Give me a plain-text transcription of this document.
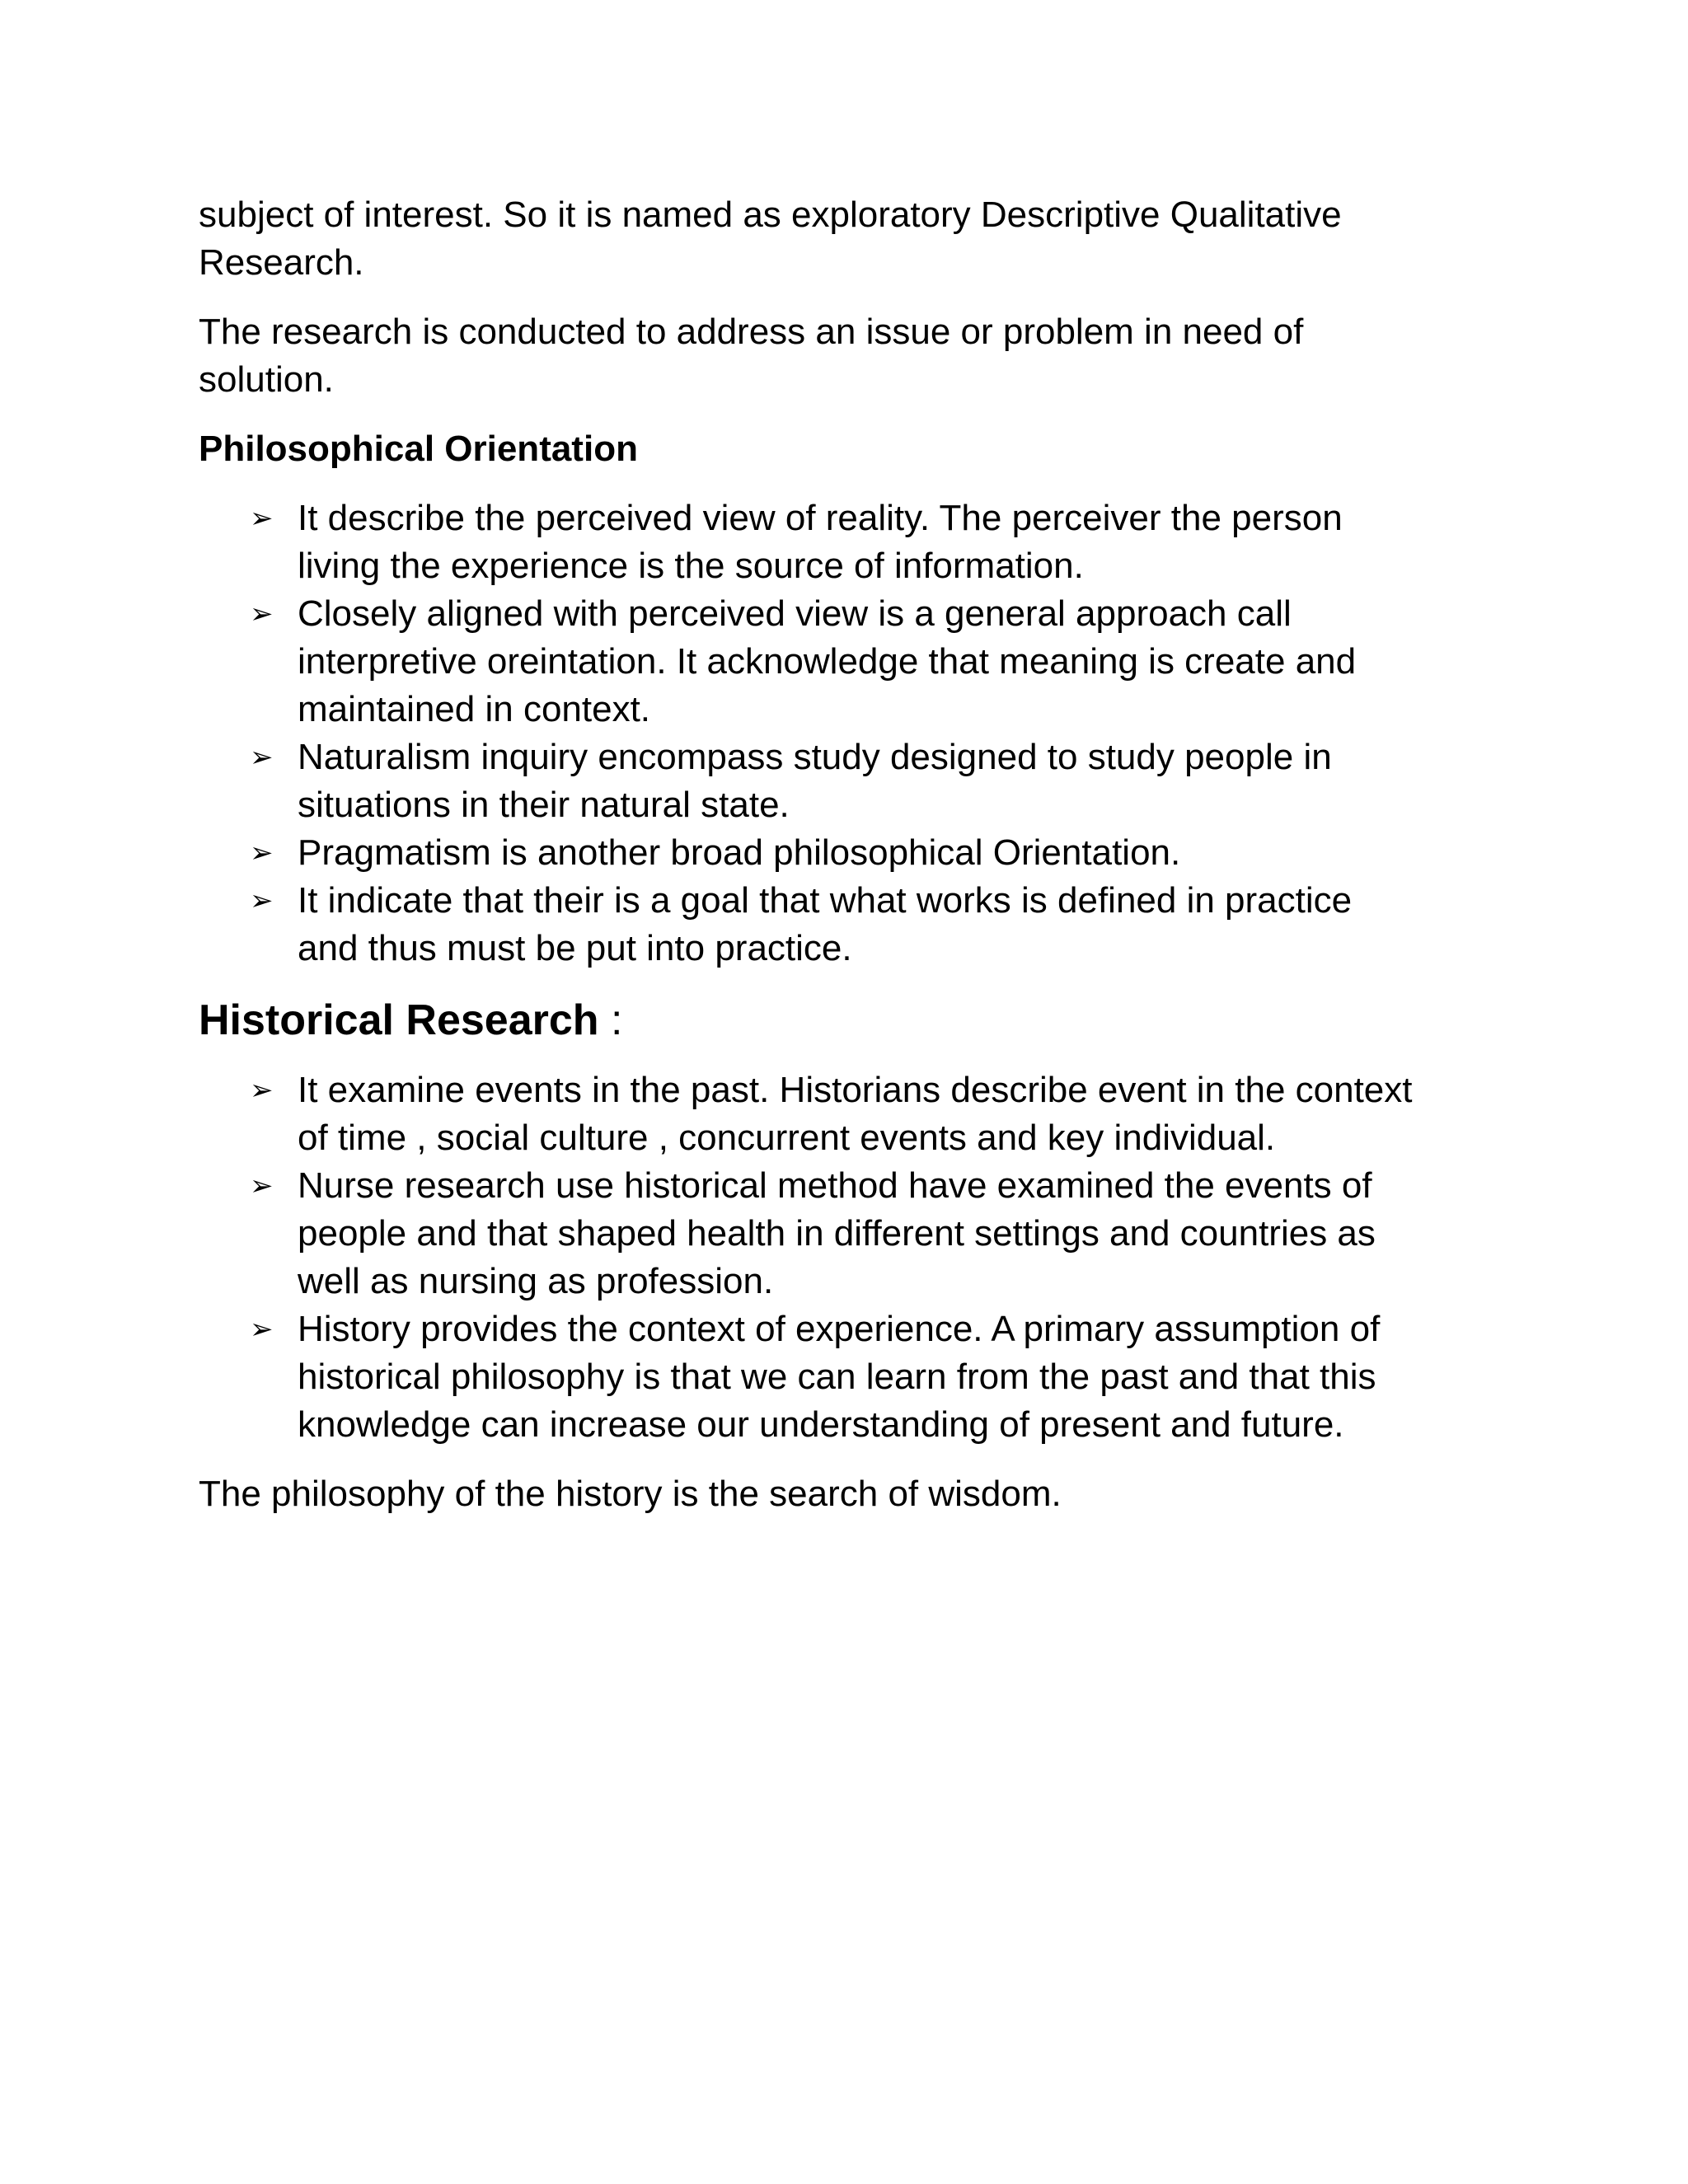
subject of interest. So it is named as exploratory Descriptive Qualitative
Research.

The research is conducted to address an issue or problem in need of
solution.

Philosophical Orientation
➢ It describe the perceived view of reality. The perceiver the person
living the experience is the source of information.
➢ Closely aligned with perceived view is a general approach call
interpretive oreintation. It acknowledge that meaning is create and
maintained in context.
➢ Naturalism inquiry encompass study designed to study people in
situations in their natural state.
➢ Pragmatism is another broad philosophical Orientation.
➢ It indicate that their is a goal that what works is defined in practice
and thus must be put into practice.
Historical Research :
➢ It examine events in the past. Historians describe event in the context
of time , social culture , concurrent events and key individual.
➢ Nurse research use historical method have examined the events of
people and that shaped health in different settings and countries as
well as nursing as profession.
➢ History provides the context of experience. A primary assumption of
historical philosophy is that we can learn from the past and that this
knowledge can increase our understanding of present and future.

The philosophy of the history is the search of wisdom.
